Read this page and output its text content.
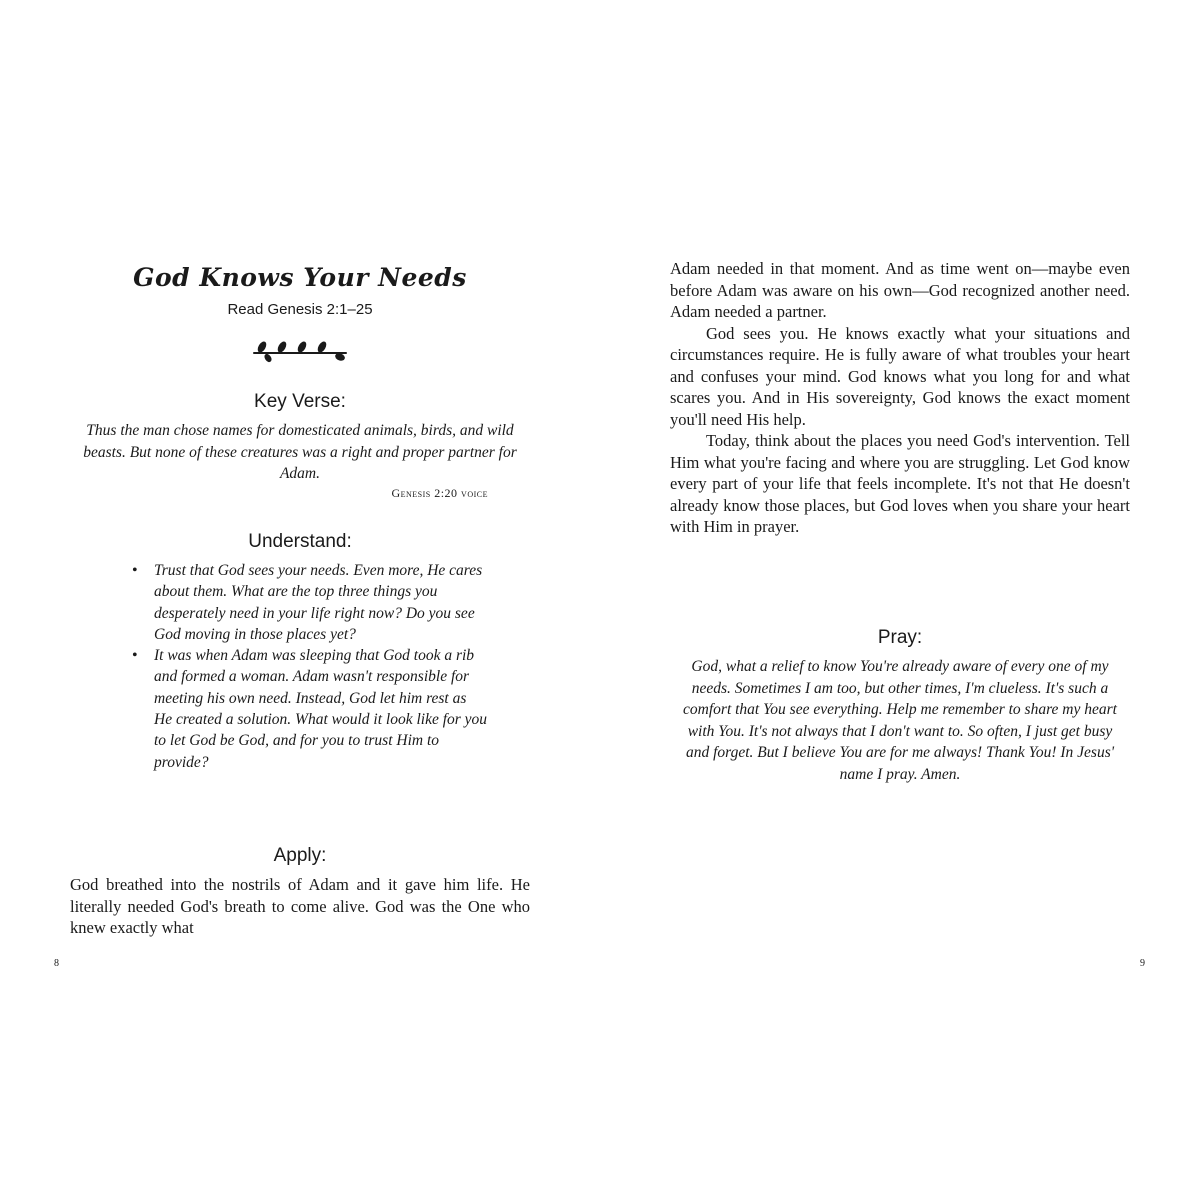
God Knows Your Needs
Read Genesis 2:1–25
Key Verse:
Thus the man chose names for domesticated animals, birds, and wild beasts. But none of these creatures was a right and proper partner for Adam.
Genesis 2:20 voice
Understand:
• Trust that God sees your needs. Even more, He cares about them. What are the top three things you desperately need in your life right now? Do you see God moving in those places yet?
• It was when Adam was sleeping that God took a rib and formed a woman. Adam wasn't responsible for meeting his own need. Instead, God let him rest as He created a solution. What would it look like for you to let God be God, and for you to trust Him to provide?
Apply:

God breathed into the nostrils of Adam and it gave him life. He literally needed God's breath to come alive. God was the One who knew exactly what

Adam needed in that moment. And as time went on—maybe even before Adam was aware on his own—God recognized another need. Adam needed a partner.

God sees you. He knows exactly what your situations and circumstances require. He is fully aware of what troubles your heart and confuses your mind. God knows what you long for and what scares you. And in His sovereignty, God knows the exact moment you'll need His help.

Today, think about the places you need God's intervention. Tell Him what you're facing and where you are struggling. Let God know every part of your life that feels incomplete. It's not that He doesn't already know those places, but God loves when you share your heart with Him in prayer.

Pray:
God, what a relief to know You're already aware of every one of my needs. Sometimes I am too, but other times, I'm clueless. It's such a comfort that You see everything. Help me remember to share my heart with You. It's not always that I don't want to. So often, I just get busy and forget. But I believe You are for me always! Thank You! In Jesus' name I pray. Amen.
8	9
